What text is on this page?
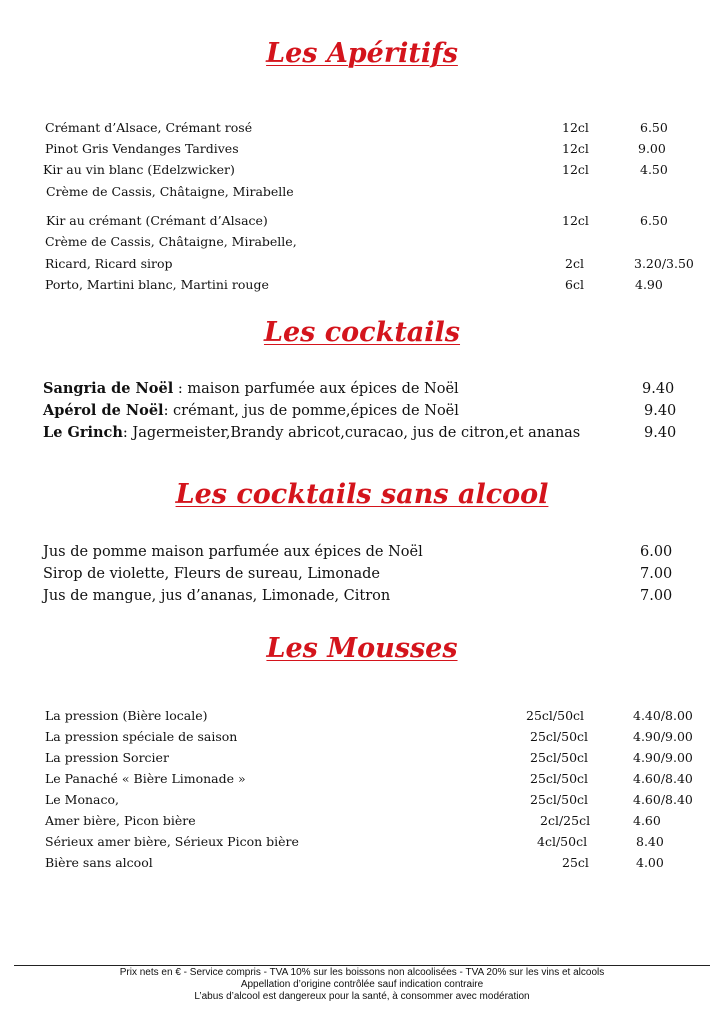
Les Apéritifs
Crémant d’Alsace, Crémant rosé	12cl	6.50
Pinot Gris Vendanges Tardives	12cl	9.00
Kir au vin blanc (Edelzwicker)	12cl	4.50
Crème de Cassis, Châtaigne, Mirabelle
Kir au crémant (Crémant d’Alsace)	12cl	6.50
Crème de Cassis, Châtaigne, Mirabelle,
Ricard, Ricard sirop	2cl	3.20/3.50
Porto, Martini blanc, Martini rouge	6cl	4.90
Les cocktails
Sangria de Noël : maison parfumée aux épices de Noël	9.40
Apérol de Noël: crémant, jus de pomme,épices de Noël	9.40
Le Grinch: Jagermeister,Brandy abricot,curacao, jus de citron,et ananas	9.40
Les cocktails sans alcool
Jus de pomme maison parfumée aux épices de Noël	6.00
Sirop de violette, Fleurs de sureau, Limonade	7.00
Jus de mangue, jus d’ananas, Limonade, Citron	7.00
Les Mousses
La pression (Bière locale)	25cl/50cl	4.40/8.00
La pression spéciale de saison	25cl/50cl	4.90/9.00
La pression Sorcier	25cl/50cl	4.90/9.00
Le Panaché « Bière Limonade »	25cl/50cl	4.60/8.40
Le Monaco,	25cl/50cl	4.60/8.40
Amer bière, Picon bière	2cl/25cl	4.60
Sérieux amer bière, Sérieux Picon bière	4cl/50cl	8.40
Bière sans alcool	25cl	4.00
Prix nets en € - Service compris - TVA 10% sur les boissons non alcoolisées - TVA 20% sur les vins et alcools
Appellation d’origine contrôlée sauf indication contraire
L’abus d’alcool est dangereux pour la santé, à consommer avec modération
